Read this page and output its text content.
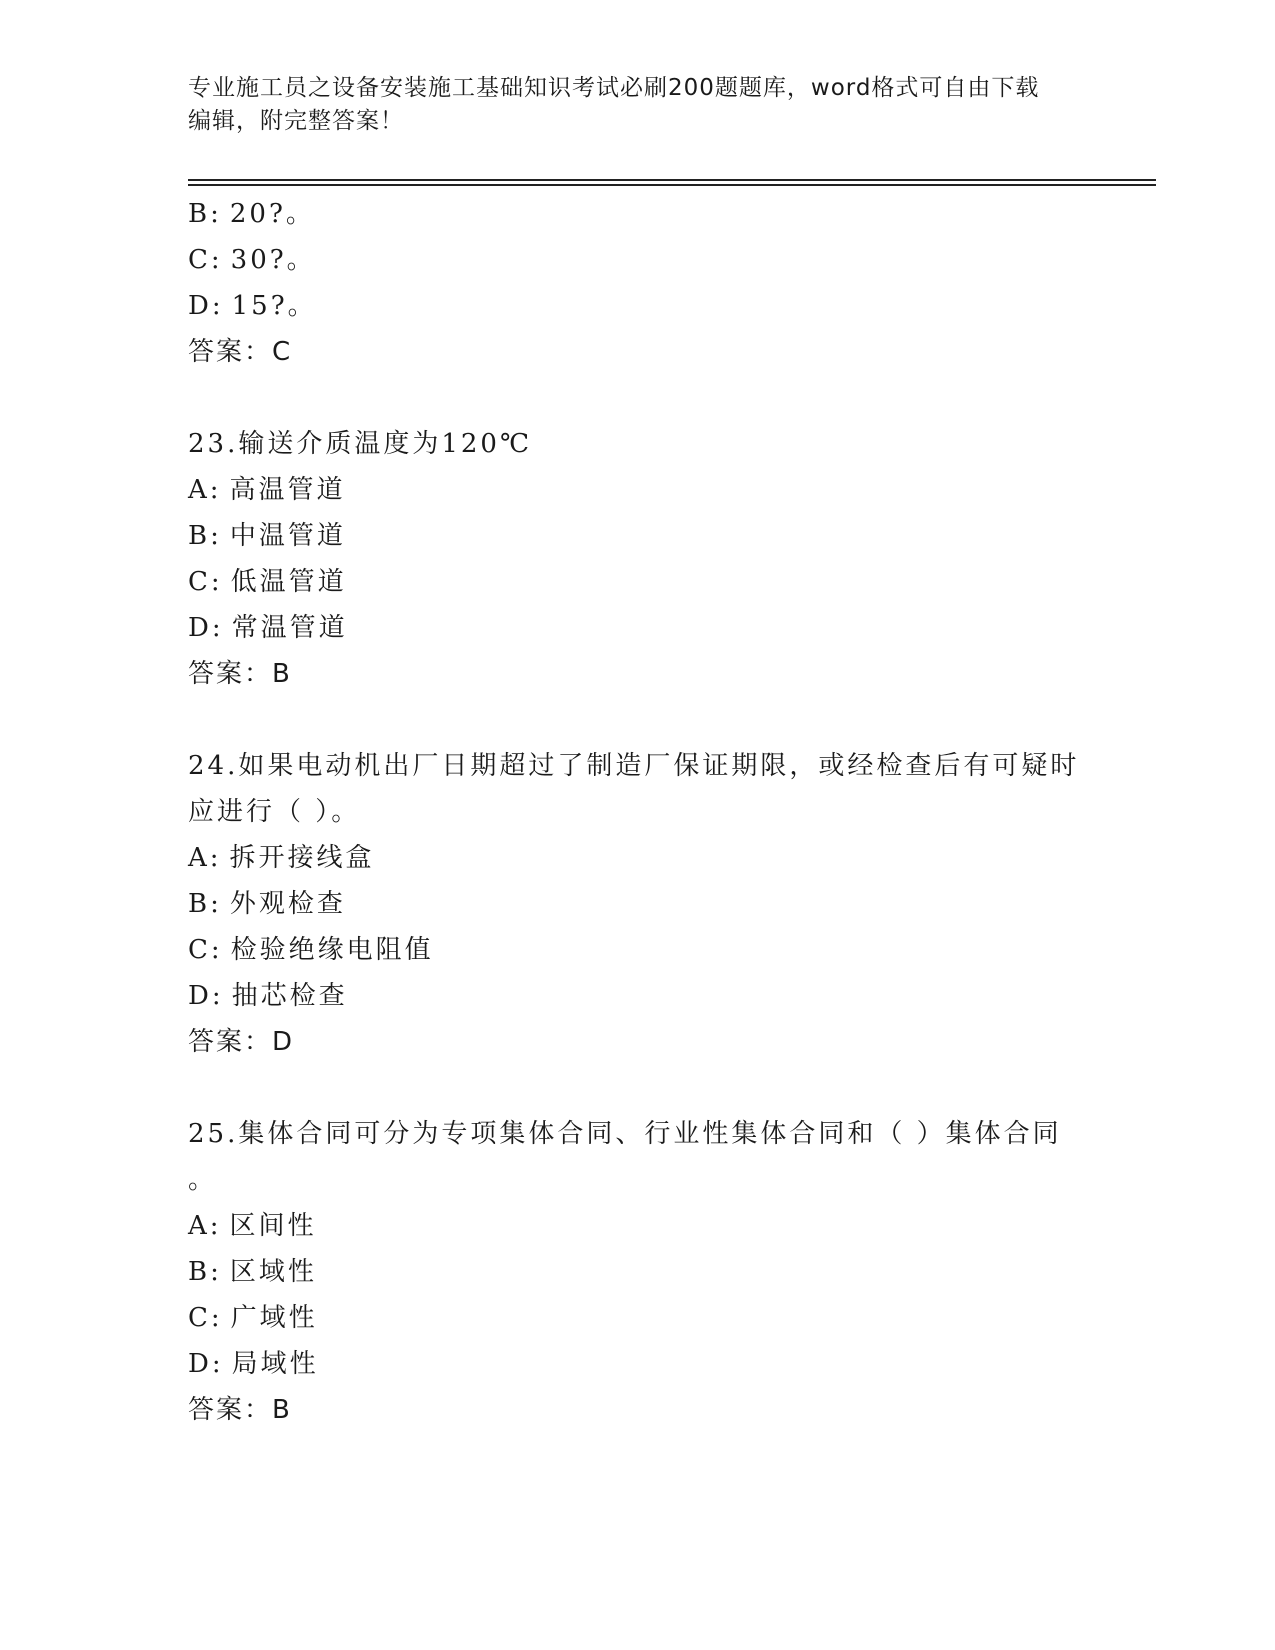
专业施工员之设备安装施工基础知识考试必刷200题题库，word格式可自由下载
编辑，附完整答案！
B: 20?。
C: 30?。
D: 15?。
答案：C
23.输送介质温度为120℃
A: 高温管道
B: 中温管道
C: 低温管道
D: 常温管道
答案：B
24.如果电动机出厂日期超过了制造厂保证期限，或经检查后有可疑时
应进行（ ）。
A: 拆开接线盒
B: 外观检查
C: 检验绝缘电阻值
D: 抽芯检查
答案：D
25.集体合同可分为专项集体合同、行业性集体合同和（ ）集体合同
。
A: 区间性
B: 区域性
C: 广域性
D: 局域性
答案：B
